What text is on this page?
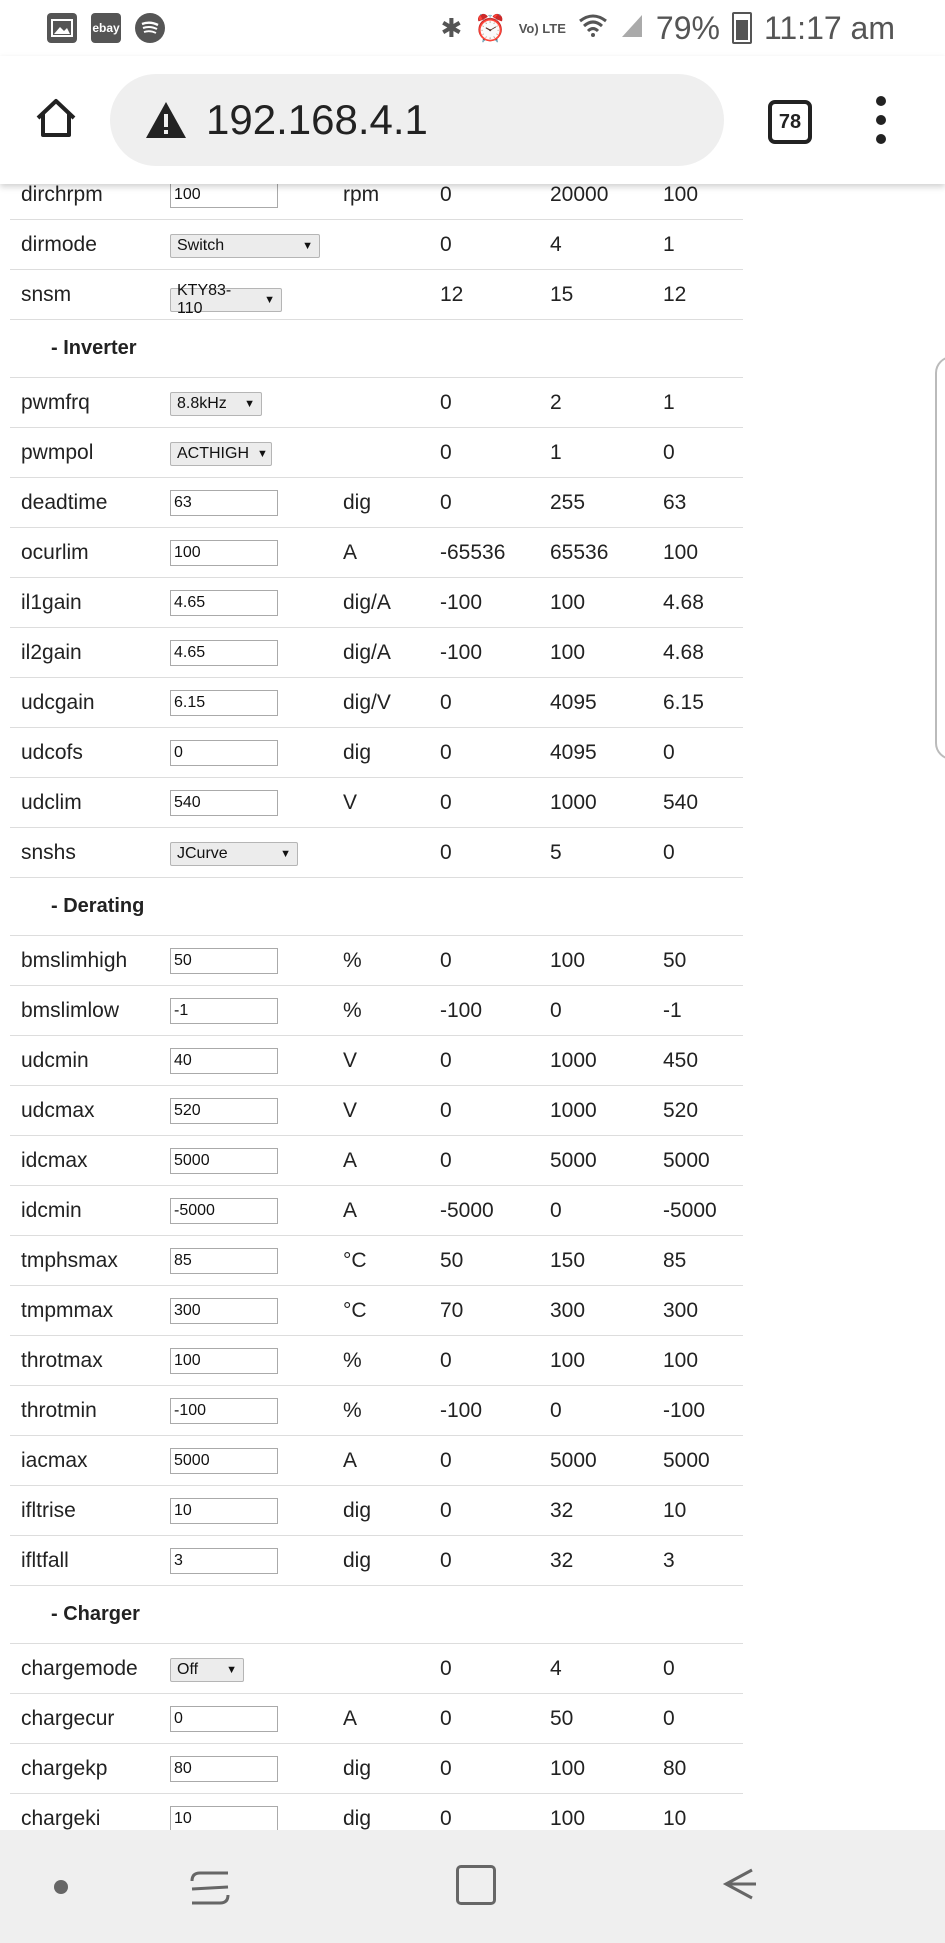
ebay	✱ ⏰ Vo) LTE	79% 11:17 am
192.168.4.1	78
dirchrpm	100	rpm	0	20000	100
dirmode	Switch ▼		0	4	1
snsm	KTY83-110 ▼		12	15	12
- Inverter					
pwmfrq	8.8kHz ▼		0	2	1
pwmpol	ACTHIGH ▼		0	1	0
deadtime	63	dig	0	255	63
ocurlim	100	A	-65536	65536	100
il1gain	4.65	dig/A	-100	100	4.68
il2gain	4.65	dig/A	-100	100	4.68
udcgain	6.15	dig/V	0	4095	6.15
udcofs	0	dig	0	4095	0
udclim	540	V	0	1000	540
snshs	JCurve ▼		0	5	0
- Derating					
bmslimhigh	50	%	0	100	50
bmslimlow	-1	%	-100	0	-1
udcmin	40	V	0	1000	450
udcmax	520	V	0	1000	520
idcmax	5000	A	0	5000	5000
idcmin	-5000	A	-5000	0	-5000
tmphsmax	85	°C	50	150	85
tmpmmax	300	°C	70	300	300
throtmax	100	%	0	100	100
throtmin	-100	%	-100	0	-100
iacmax	5000	A	0	5000	5000
ifltrise	10	dig	0	32	10
ifltfall	3	dig	0	32	3
- Charger					
chargemode	Off ▼		0	4	0
chargecur	0	A	0	50	0
chargekp	80	dig	0	100	80
chargeki	10	dig	0	100	10
